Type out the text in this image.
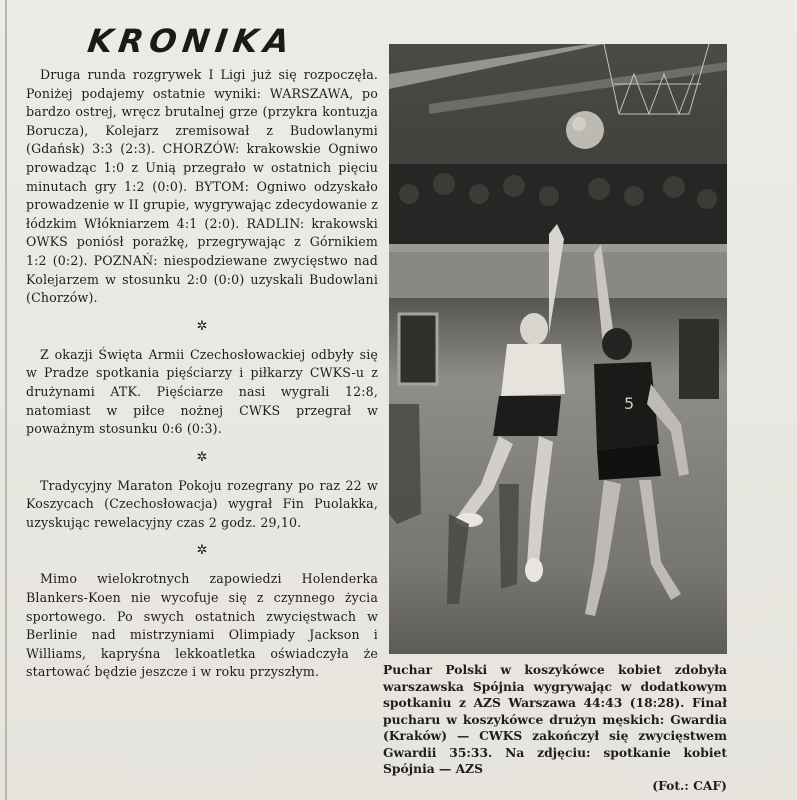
KRONIKA

Druga runda rozgrywek I Ligi już się rozpoczęła. Poniżej podajemy ostatnie wyniki: WARSZAWA, po bardzo ostrej, wręcz brutalnej grze (przykra kontuzja Borucza), Kolejarz zremisował z Budowlanymi (Gdańsk) 3:3 (2:3). CHORZÓW: krakowskie Ogniwo prowadząc 1:0 z Unią przegrało w ostatnich pięciu minutach gry 1:2 (0:0). BYTOM: Ogniwo odzyskało prowadzenie w II grupie, wygrywając zdecydowanie z łódzkim Włókniarzem 4:1 (2:0). RADLIN: krakowski OWKS poniósł porażkę, przegrywając z Górnikiem 1:2 (0:2). POZNAŃ: niespodziewane zwycięstwo nad Kolejarzem w stosunku 2:0 (0:0) uzyskali Budowlani (Chorzów).

✲

Z okazji Święta Armii Czechosłowackiej odbyły się w Pradze spotkania pięściarzy i piłkarzy CWKS-u z drużynami ATK. Pięściarze nasi wygrali 12:8, natomiast w piłce nożnej CWKS przegrał w poważnym stosunku 0:6 (0:3).

✲

Tradycyjny Maraton Pokoju rozegrany po raz 22 w Koszycach (Czechosłowacja) wygrał Fin Puolakka, uzyskując rewelacyjny czas 2 godz. 29,10.

✲

Mimo wielokrotnych zapowiedzi Holenderka Blankers-Koen nie wycofuje się z czynnego życia sportowego. Po swych ostatnich zwycięstwach w Berlinie nad mistrzyniami Olimpiady Jackson i Williams, kapryśna lekkoatletka oświadczyła że startować będzie jeszcze i w roku przyszłym.

5

Puchar Polski w koszykówce kobiet zdobyła warszawska Spójnia wygrywając w dodatkowym spotkaniu z AZS Warszawa 44:43 (18:28). Finał pucharu w koszykówce drużyn męskich: Gwardia (Kraków) — CWKS zakończył się zwycięstwem Gwardii 35:33. Na zdjęciu: spotkanie kobiet Spójnia — AZS

(Fot.: CAF)
